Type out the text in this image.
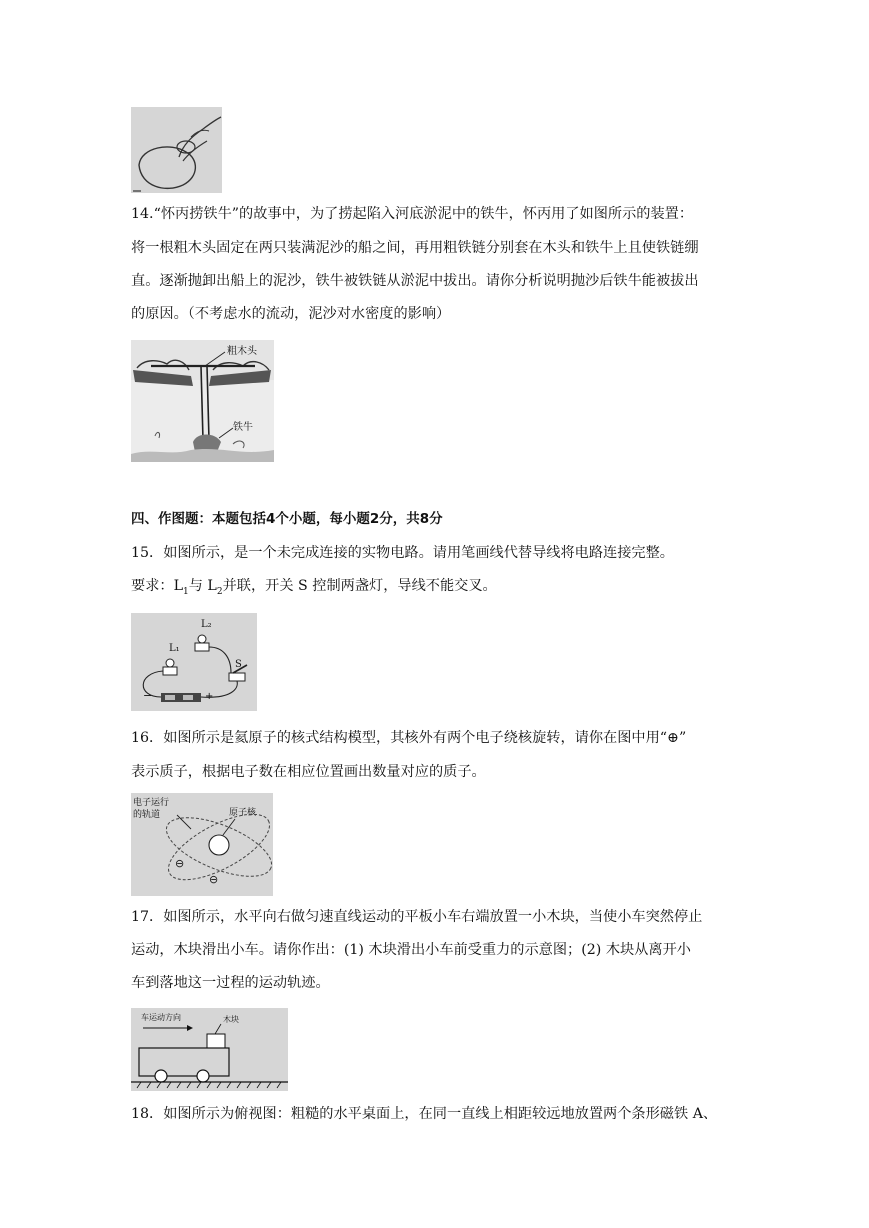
14.“怀丙捞铁牛”的故事中，为了捞起陷入河底淤泥中的铁牛，怀丙用了如图所示的装置：
将一根粗木头固定在两只装满泥沙的船之间，再用粗铁链分别套在木头和铁牛上且使铁链绷
直。逐渐抛卸出船上的泥沙，铁牛被铁链从淤泥中拔出。请你分析说明抛沙后铁牛能被拔出
的原因。（不考虑水的流动，泥沙对水密度的影响）
粗木头
铁牛
四、作图题：本题包括4个小题，每小题2分，共8分
15．如图所示，是一个未完成连接的实物电路。请用笔画线代替导线将电路连接完整。
要求：$L_1$与 $L_2$并联，开关 S 控制两盏灯，导线不能交叉。
L₁
L₂
S
−	+
16．如图所示是氦原子的核式结构模型，其核外有两个电子绕核旋转，请你在图中用“⊕”
表示质子，根据电子数在相应位置画出数量对应的质子。
电子运行
的轨道	原子核
⊖
⊖
17．如图所示，水平向右做匀速直线运动的平板小车右端放置一小木块，当使小车突然停止
运动，木块滑出小车。请你作出：(1) 木块滑出小车前受重力的示意图；(2) 木块从离开小
车到落地这一过程的运动轨迹。
车运动方向	木块
18．如图所示为俯视图：粗糙的水平桌面上，在同一直线上相距较远地放置两个条形磁铁 A、
